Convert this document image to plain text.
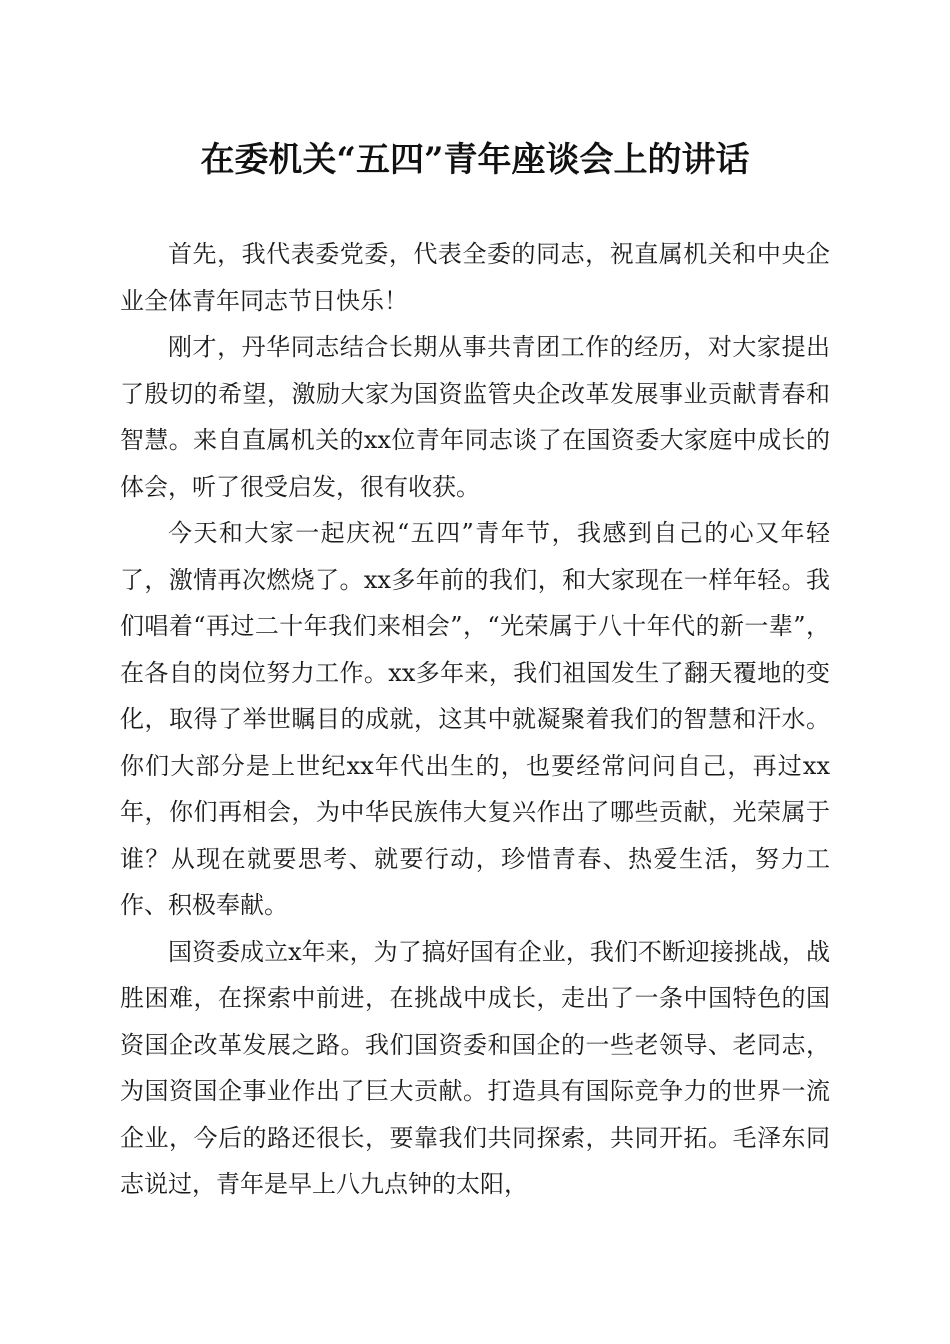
在委机关“五四”青年座谈会上的讲话

首先，我代表委党委，代表全委的同志，祝直属机关和中央企业全体青年同志节日快乐！

刚才，丹华同志结合长期从事共青团工作的经历，对大家提出了殷切的希望，激励大家为国资监管央企改革发展事业贡献青春和智慧。来自直属机关的xx位青年同志谈了在国资委大家庭中成长的体会，听了很受启发，很有收获。

今天和大家一起庆祝“五四”青年节，我感到自己的心又年轻了，激情再次燃烧了。xx多年前的我们，和大家现在一样年轻。我们唱着“再过二十年我们来相会”，“光荣属于八十年代的新一辈”，在各自的岗位努力工作。xx多年来，我们祖国发生了翻天覆地的变化，取得了举世瞩目的成就，这其中就凝聚着我们的智慧和汗水。你们大部分是上世纪xx年代出生的，也要经常问问自己，再过xx年，你们再相会，为中华民族伟大复兴作出了哪些贡献，光荣属于谁？从现在就要思考、就要行动，珍惜青春、热爱生活，努力工作、积极奉献。

国资委成立x年来，为了搞好国有企业，我们不断迎接挑战，战胜困难，在探索中前进，在挑战中成长，走出了一条中国特色的国资国企改革发展之路。我们国资委和国企的一些老领导、老同志，为国资国企事业作出了巨大贡献。打造具有国际竞争力的世界一流企业，今后的路还很长，要靠我们共同探索，共同开拓。毛泽东同志说过，青年是早上八九点钟的太阳，
